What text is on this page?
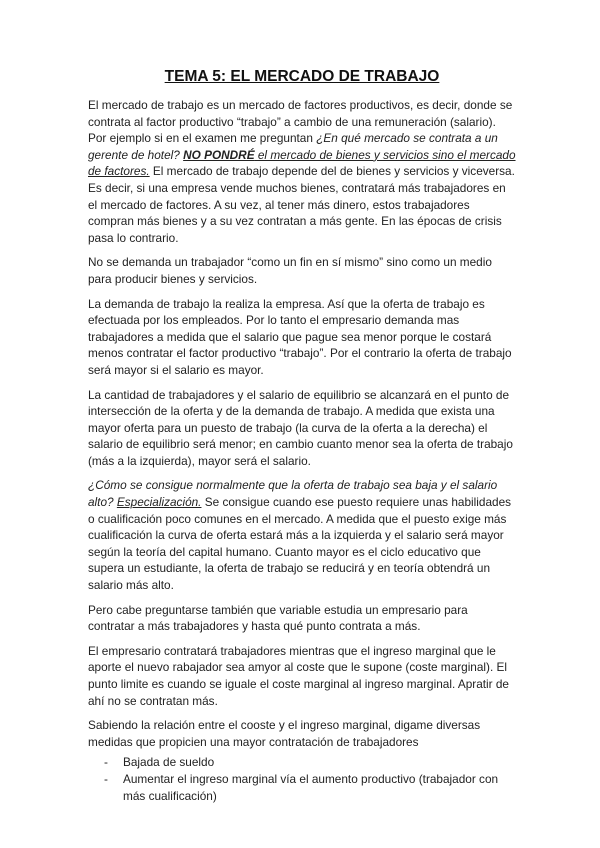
TEMA 5: EL MERCADO DE TRABAJO

El mercado de trabajo es un mercado de factores productivos, es decir, donde se contrata al factor productivo “trabajo” a cambio de una remuneración (salario). Por ejemplo si en el examen me preguntan ¿En qué mercado se contrata a un gerente de hotel? NO PONDRÉ el mercado de bienes y servicios sino el mercado de factores. El mercado de trabajo depende del de bienes y servicios y viceversa. Es decir, si una empresa vende muchos bienes, contratará más trabajadores en el mercado de factores. A su vez, al tener más dinero, estos trabajadores compran más bienes y a su vez contratan a más gente. En las épocas de crisis pasa lo contrario.

No se demanda un trabajador “como un fin en sí mismo” sino como un medio para producir bienes y servicios.

La demanda de trabajo la realiza la empresa. Así que la oferta de trabajo es efectuada por los empleados. Por lo tanto el empresario demanda mas trabajadores a medida que el salario que pague sea menor porque le costará menos contratar el factor productivo “trabajo”. Por el contrario la oferta de trabajo será mayor si el salario es mayor.

La cantidad de trabajadores y el salario de equilibrio se alcanzará en el punto de intersección de la oferta y de la demanda de trabajo. A medida que exista una mayor oferta para un puesto de trabajo (la curva de la oferta a la derecha) el salario de equilibrio será menor; en cambio cuanto menor sea la oferta de trabajo (más a la izquierda), mayor será el salario.

¿Cómo se consigue normalmente que la oferta de trabajo sea baja y el salario alto? Especialización. Se consigue cuando ese puesto requiere unas habilidades o cualificación poco comunes en el mercado. A medida que el puesto exige más cualificación la curva de oferta estará más a la izquierda y el salario será mayor según la teoría del capital humano. Cuanto mayor es el ciclo educativo que supera un estudiante, la oferta de trabajo se reducirá y en teoría obtendrá un salario más alto.

Pero cabe preguntarse también que variable estudia un empresario para contratar a más trabajadores y hasta qué punto contrata a más.

El empresario contratará trabajadores mientras que el ingreso marginal que le aporte el nuevo rabajador sea amyor al coste que le supone (coste marginal). El punto limite es cuando se iguale el coste marginal al ingreso marginal. Apratir de ahí no se contratan más.

Sabiendo la relación entre el cooste y el ingreso marginal, digame diversas medidas que propicien una mayor contratación de trabajadores

- Bajada de sueldo
- Aumentar el ingreso marginal vía el aumento productivo (trabajador con más cualificación)
